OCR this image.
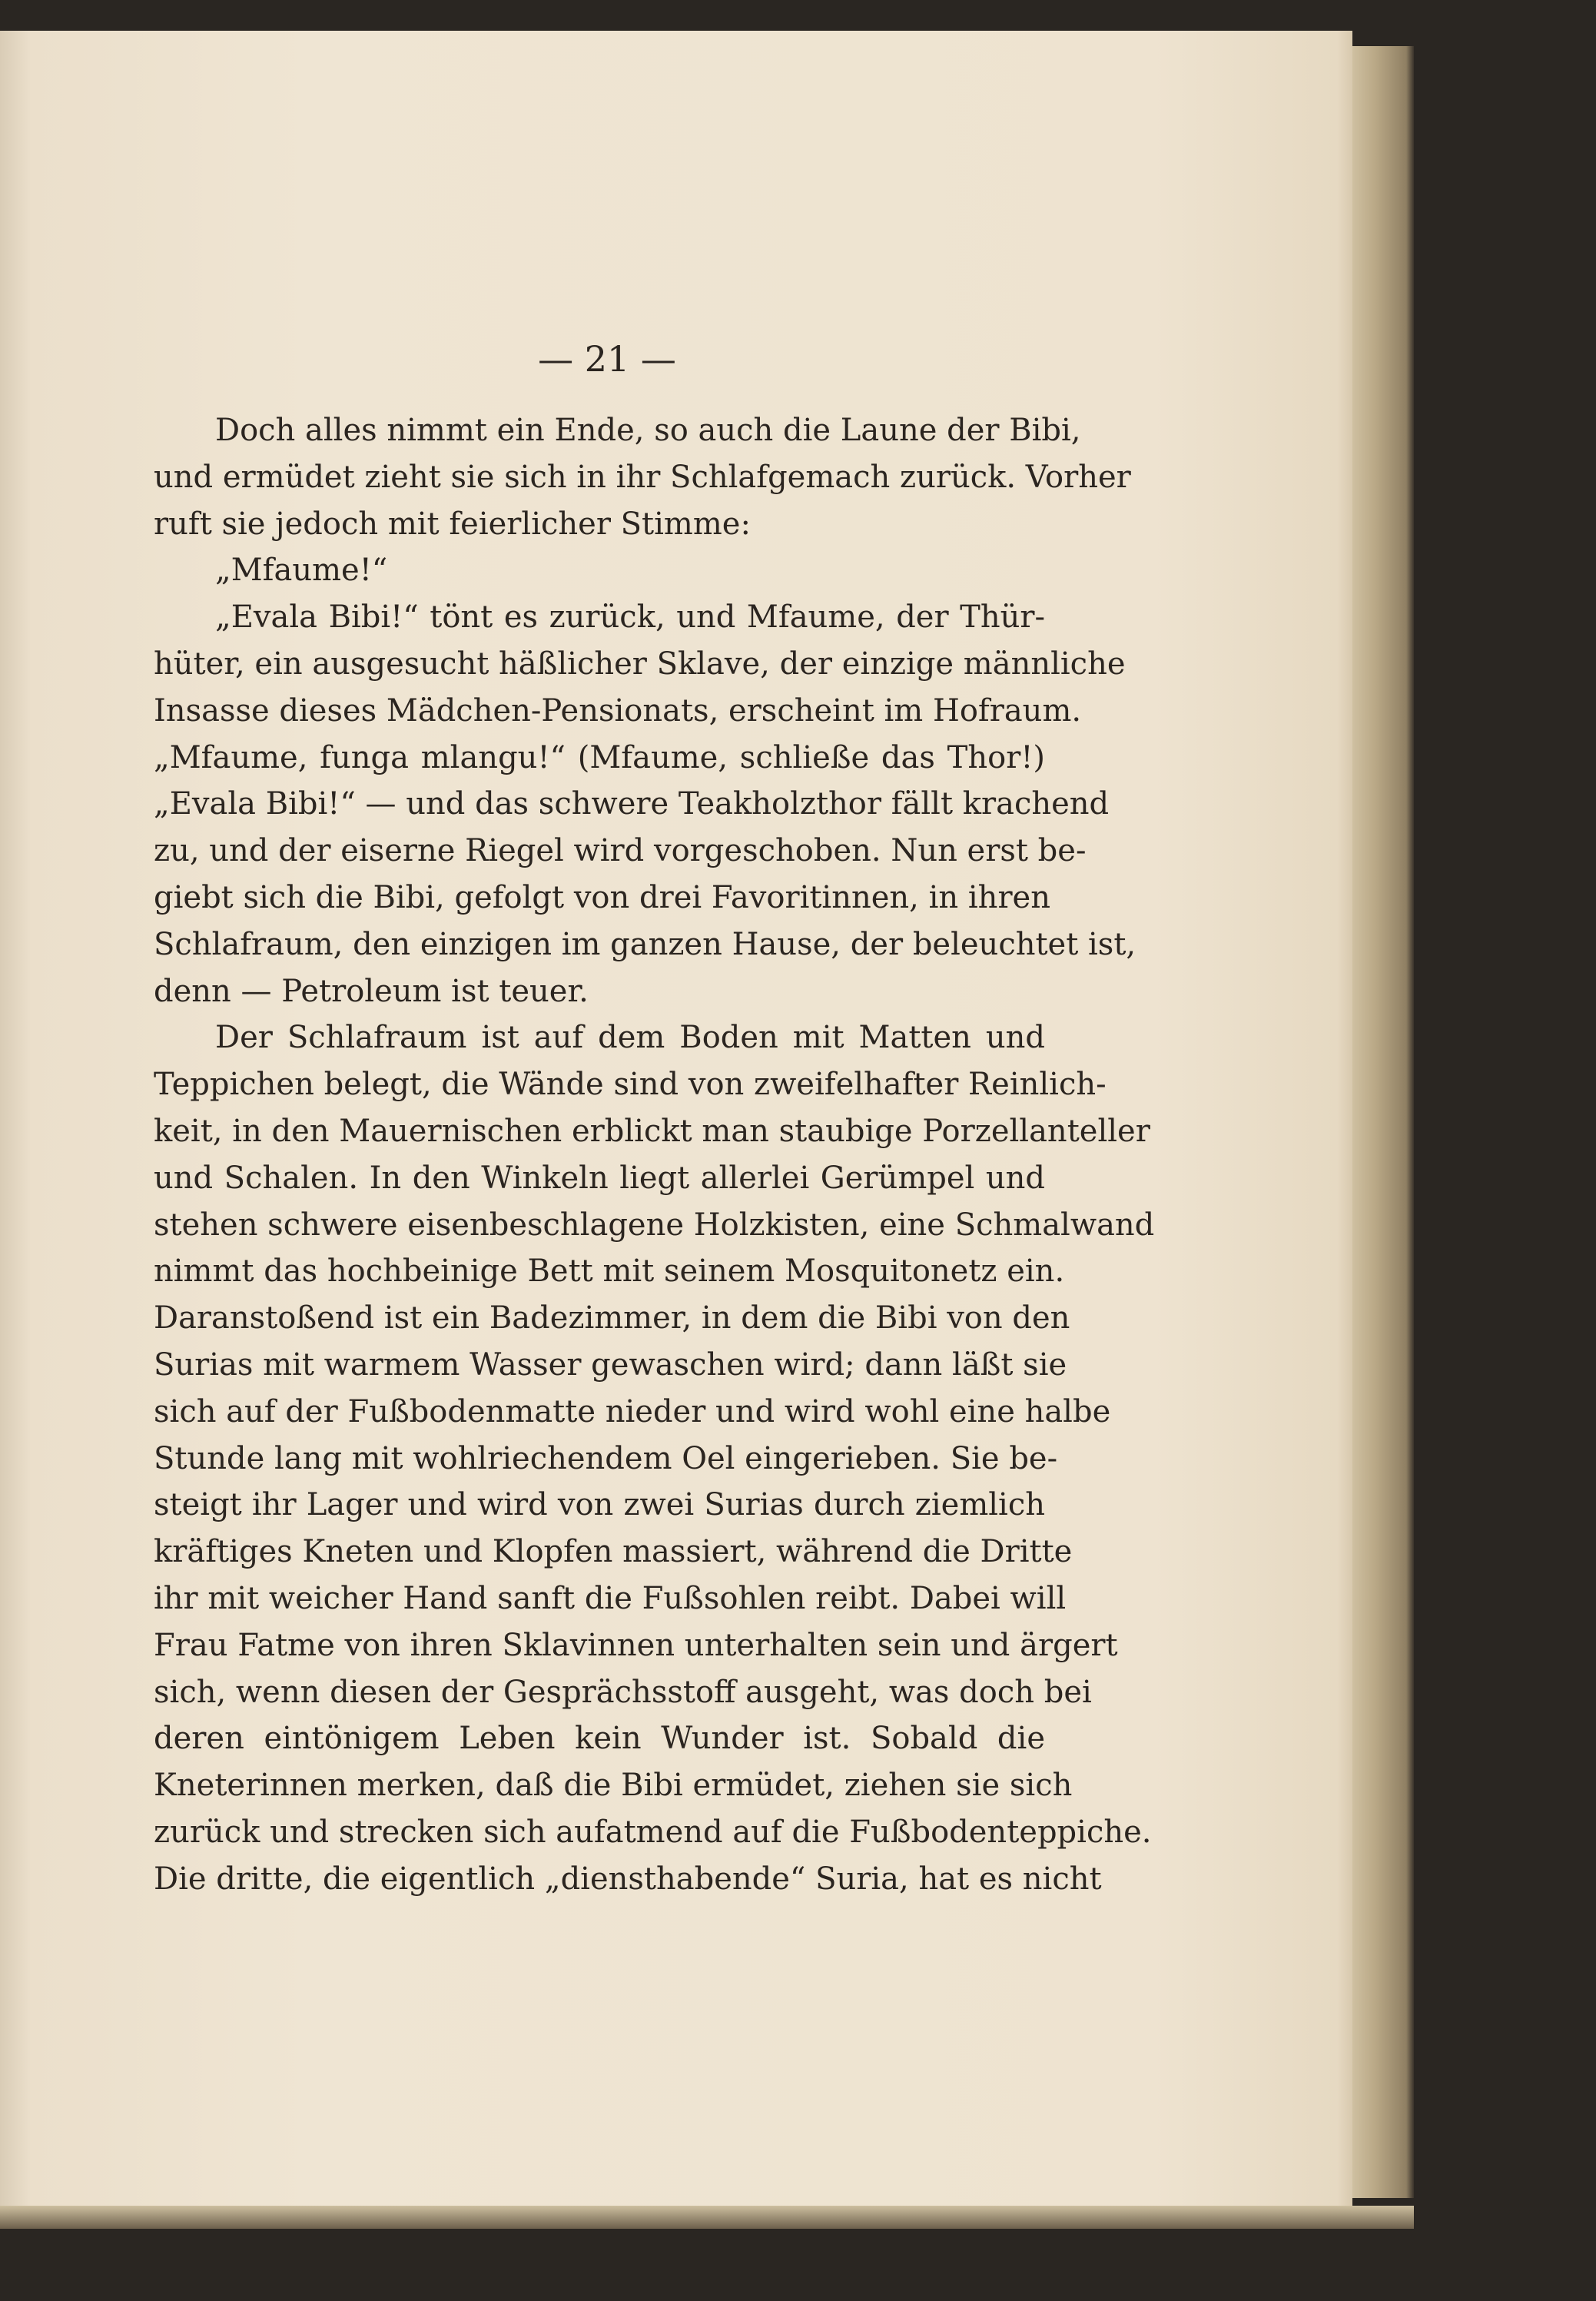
— 21 —
Doch alles nimmt ein Ende, so auch die Laune der Bibi,
und ermüdet zieht sie sich in ihr Schlafgemach zurück. Vorher
ruft sie jedoch mit feierlicher Stimme:
„Mfaume!“
„Evala Bibi!“ tönt es zurück, und Mfaume, der Thür-
hüter, ein ausgesucht häßlicher Sklave, der einzige männliche
Insasse dieses Mädchen-Pensionats, erscheint im Hofraum.
„Mfaume, funga mlangu!“ (Mfaume, schließe das Thor!)
„Evala Bibi!“ — und das schwere Teakholzthor fällt krachend
zu, und der eiserne Riegel wird vorgeschoben. Nun erst be-
giebt sich die Bibi, gefolgt von drei Favoritinnen, in ihren
Schlafraum, den einzigen im ganzen Hause, der beleuchtet ist,
denn — Petroleum ist teuer.
Der Schlafraum ist auf dem Boden mit Matten und
Teppichen belegt, die Wände sind von zweifelhafter Reinlich-
keit, in den Mauernischen erblickt man staubige Porzellanteller
und Schalen. In den Winkeln liegt allerlei Gerümpel und
stehen schwere eisenbeschlagene Holzkisten, eine Schmalwand
nimmt das hochbeinige Bett mit seinem Mosquitonetz ein.
Daranstoßend ist ein Badezimmer, in dem die Bibi von den
Surias mit warmem Wasser gewaschen wird; dann läßt sie
sich auf der Fußbodenmatte nieder und wird wohl eine halbe
Stunde lang mit wohlriechendem Oel eingerieben. Sie be-
steigt ihr Lager und wird von zwei Surias durch ziemlich
kräftiges Kneten und Klopfen massiert, während die Dritte
ihr mit weicher Hand sanft die Fußsohlen reibt. Dabei will
Frau Fatme von ihren Sklavinnen unterhalten sein und ärgert
sich, wenn diesen der Gesprächsstoff ausgeht, was doch bei
deren eintönigem Leben kein Wunder ist. Sobald die
Kneterinnen merken, daß die Bibi ermüdet, ziehen sie sich
zurück und strecken sich aufatmend auf die Fußbodenteppiche.
Die dritte, die eigentlich „diensthabende“ Suria, hat es nicht
